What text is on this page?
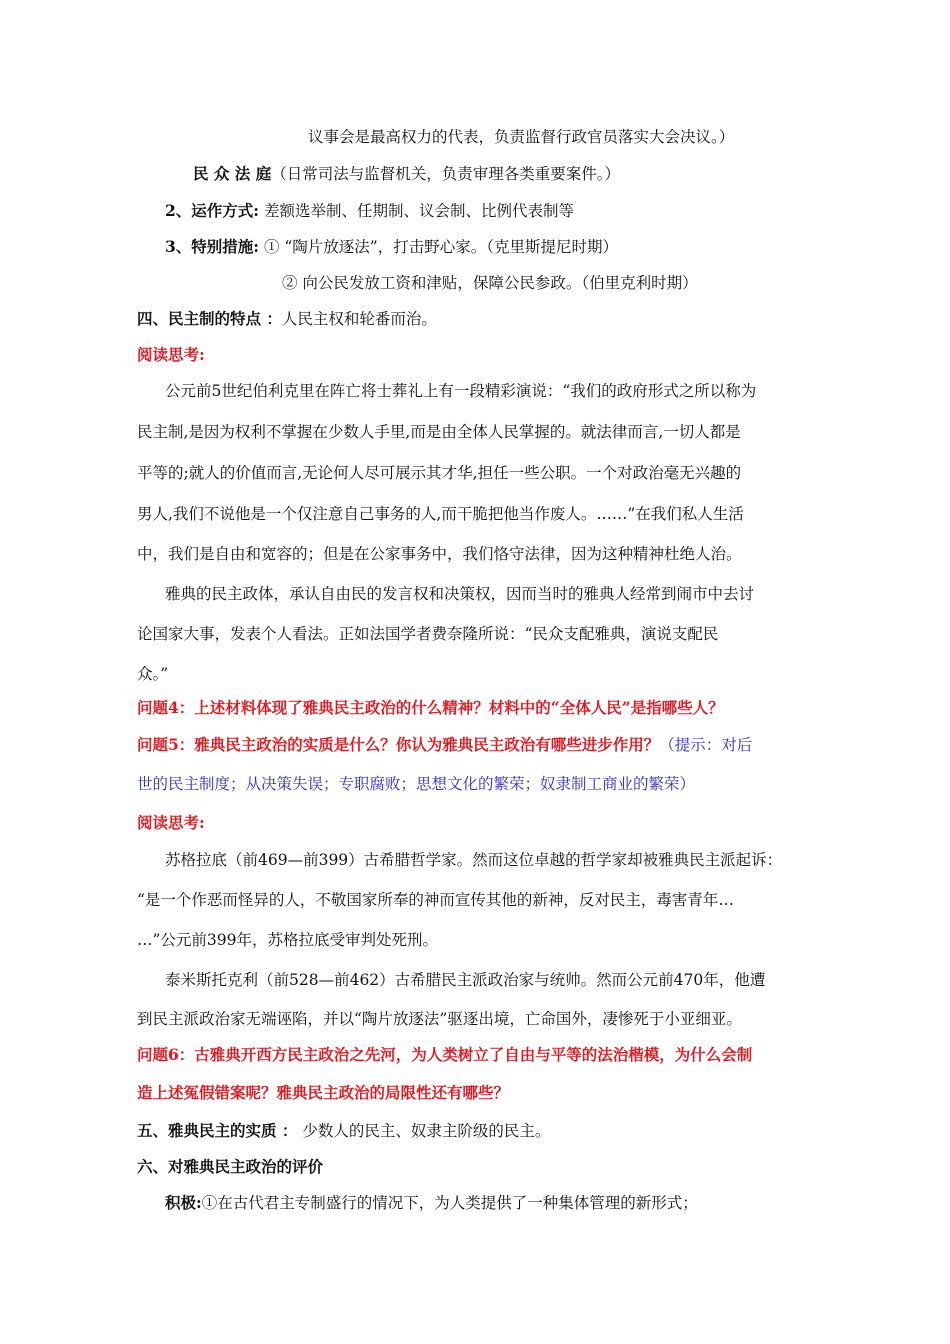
议事会是最高权力的代表，负责监督行政官员落实大会决议。）
民 众 法 庭（日常司法与监督机关，负责审理各类重要案件。）
2、运作方式: 差额选举制、任期制、议会制、比例代表制等
3、特别措施: ① “陶片放逐法”，打击野心家。（克里斯提尼时期）
② 向公民发放工资和津贴，保障公民参政。（伯里克利时期）
四、民主制的特点 ：人民主权和轮番而治。
阅读思考:
公元前5世纪伯利克里在阵亡将士葬礼上有一段精彩演说：“我们的政府形式之所以称为
民主制,是因为权利不掌握在少数人手里,而是由全体人民掌握的。就法律而言,一切人都是
平等的;就人的价值而言,无论何人尽可展示其才华,担任一些公职。一个对政治毫无兴趣的
男人,我们不说他是一个仅注意自己事务的人,而干脆把他当作废人。……”在我们私人生活
中，我们是自由和宽容的；但是在公家事务中，我们恪守法律，因为这种精神杜绝人治。
雅典的民主政体，承认自由民的发言权和决策权，因而当时的雅典人经常到闹市中去讨
论国家大事，发表个人看法。正如法国学者费奈隆所说：“民众支配雅典，演说支配民
众。”
问题4：上述材料体现了雅典民主政治的什么精神？材料中的“全体人民”是指哪些人？
问题5：雅典民主政治的实质是什么？你认为雅典民主政治有哪些进步作用？（提示：对后
世的民主制度；从决策失误；专职腐败；思想文化的繁荣；奴隶制工商业的繁荣）
阅读思考:
苏格拉底（前469—前399）古希腊哲学家。然而这位卓越的哲学家却被雅典民主派起诉：
“是一个作恶而怪异的人，不敬国家所奉的神而宣传其他的新神，反对民主，毒害青年…
…”公元前399年，苏格拉底受审判处死刑。
泰米斯托克利（前528—前462）古希腊民主派政治家与统帅。然而公元前470年，他遭
到民主派政治家无端诬陷，并以“陶片放逐法”驱逐出境，亡命国外，凄惨死于小亚细亚。
问题6：古雅典开西方民主政治之先河，为人类树立了自由与平等的法治楷模，为什么会制
造上述冤假错案呢？雅典民主政治的局限性还有哪些？
五、雅典民主的实质 ： 少数人的民主、奴隶主阶级的民主。
六、对雅典民主政治的评价
积极:①在古代君主专制盛行的情况下，为人类提供了一种集体管理的新形式；
